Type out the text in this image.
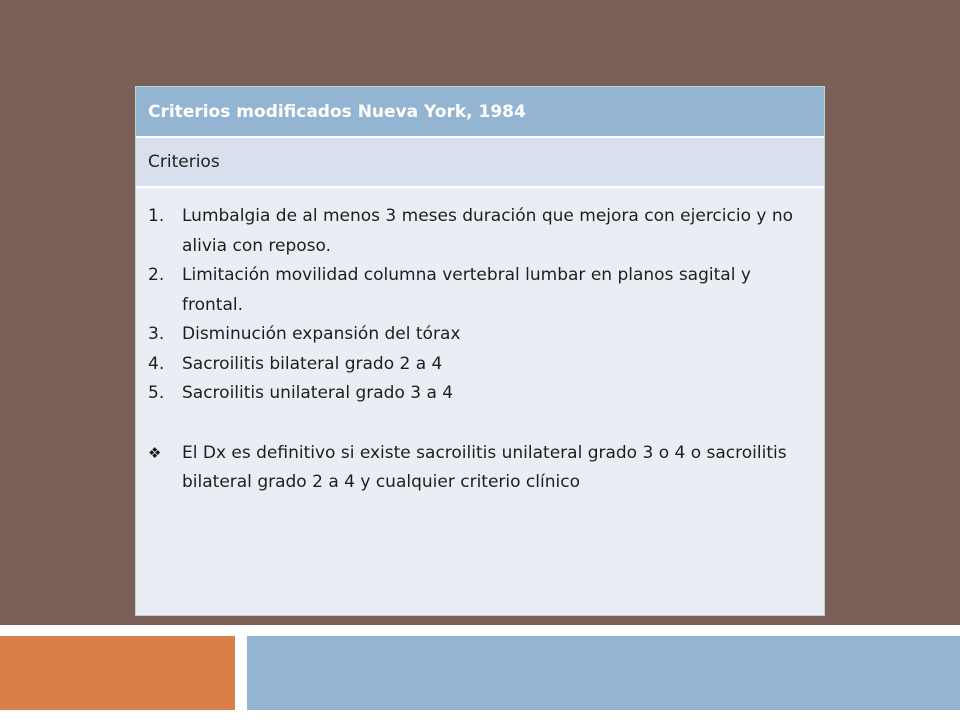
Criterios modificados Nueva York, 1984
Criterios
1.	Lumbalgia de al menos 3 meses duración que mejora con ejercicio y no alivia con reposo.
2.	Limitación movilidad columna vertebral lumbar en planos sagital y frontal.
3.	Disminución expansión del tórax
4.	Sacroilitis bilateral grado 2 a 4
5.	Sacroilitis unilateral grado 3 a 4
❖	El Dx es definitivo si existe sacroilitis unilateral grado 3 o 4 o sacroilitis bilateral grado 2 a 4 y cualquier criterio clínico
